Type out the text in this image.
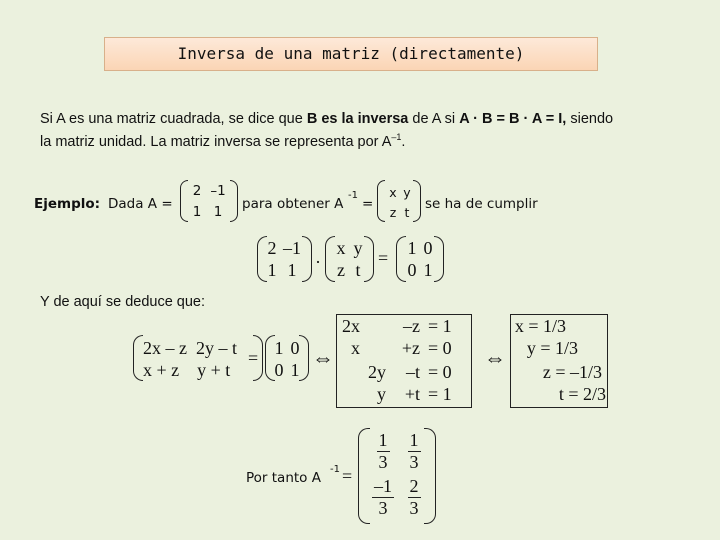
Inversa de una matriz (directamente)
Si A es una matriz cuadrada, se dice que B es la inversa de A si A · B = B · A = I, siendo
la matriz unidad. La matriz inversa se representa por $A^{-1}$.
Ejemplo: Dada A =
2 –1
1 1	para obtener A
-1
=
x y
z t
se ha de cumplir
2 –1
1 1	·
x y
z t
= 1 0
0 1
Y de aquí se deduce que:
2x – z  2y – t
x + z    y + t
= 1 0
0 1 ⇔
2x	–z = 1
x	+z = 0
2y	–t = 0
y	+t = 1
⇔
x = 1/3
y = 1/3
z = –1/3
t = 2/3
Por tanto A
-1 =
$\frac{1}{3} \frac{1}{3}$
$\frac{-1}{3} \frac{2}{3}$
